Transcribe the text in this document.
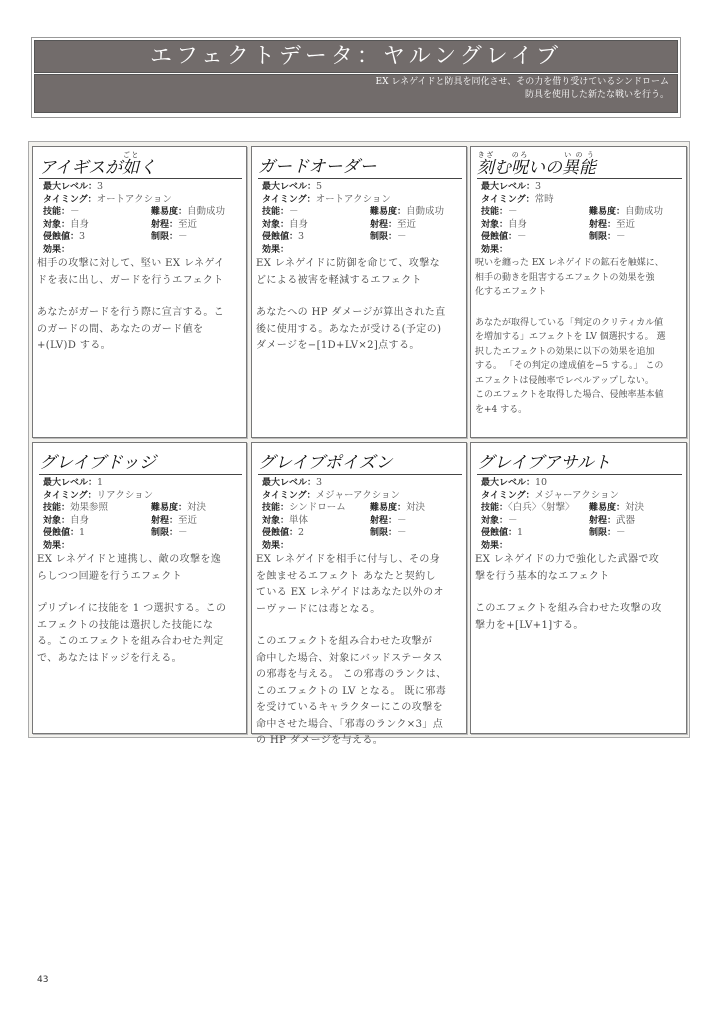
エフェクトデータ：ヤルングレイブ
EX レネゲイドと防具を同化させ、その力を借り受けているシンドローム
防具を使用した新たな戦いを行う。
アイギスが如ごとく
最大レベル：3
タイミング：オートアクション
技能：－	難易度：自動成功
対象：自身	射程：至近
侵蝕値：3	制限：－
効果：
相手の攻撃に対して、堅い EX レネゲイ
ドを表に出し、ガードを行うエフェクト
あなたがガードを行う際に宣言する。こ
のガードの間、あなたのガード値を
+(LV)D する。
ガードオーダー
最大レベル：5
タイミング：オートアクション
技能：－	難易度：自動成功
対象：自身	射程：至近
侵蝕値：3	制限：－
効果：
EX レネゲイドに防御を命じて、攻撃な
どによる被害を軽減するエフェクト
あなたへの HP ダメージが算出された直
後に使用する。あなたが受ける(予定の)
ダメージを−[1D+LV×2]点する。
刻きざむ呪のろいの異能いのう
最大レベル：3
タイミング：常時
技能：－	難易度：自動成功
対象：自身	射程：至近
侵蝕値：－	制限：－
効果：
呪いを纏った EX レネゲイドの鉱石を触媒に、
相手の動きを阻害するエフェクトの効果を強
化するエフェクト
あなたが取得している「判定のクリティカル値
を増加する」エフェクトを LV 個選択する。 選
択したエフェクトの効果に以下の効果を追加
する。 「その判定の達成値を−5 する。」 この
エフェクトは侵蝕率でレベルアップしない。
このエフェクトを取得した場合、侵蝕率基本値
を+4 する。
グレイブドッジ
最大レベル：1
タイミング：リアクション
技能：効果参照	難易度：対決
対象：自身	射程：至近
侵蝕値：1	制限：－
効果：
EX レネゲイドと連携し、敵の攻撃を逸
らしつつ回避を行うエフェクト
プリプレイに技能を 1 つ選択する。この
エフェクトの技能は選択した技能にな
る。このエフェクトを組み合わせた判定
で、あなたはドッジを行える。
グレイブポイズン
最大レベル：3
タイミング：メジャーアクション
技能：シンドローム	難易度：対決
対象：単体	射程：－
侵蝕値：2	制限：－
効果：
EX レネゲイドを相手に付与し、その身
を蝕ませるエフェクト あなたと契約し
ている EX レネゲイドはあなた以外のオ
ーヴァードには毒となる。
このエフェクトを組み合わせた攻撃が
命中した場合、対象にバッドステータス
の邪毒を与える。 この邪毒のランクは、
このエフェクトの LV となる。 既に邪毒
を受けているキャラクターにこの攻撃を
命中させた場合、「邪毒のランク×3」点
の HP ダメージを与える。
グレイブアサルト
最大レベル：10
タイミング：メジャーアクション
技能：〈白兵〉〈射撃〉	難易度：対決
対象：－	射程：武器
侵蝕値：1	制限：－
効果：
EX レネゲイドの力で強化した武器で攻
撃を行う基本的なエフェクト
このエフェクトを組み合わせた攻撃の攻
撃力を+[LV+1]する。
43
